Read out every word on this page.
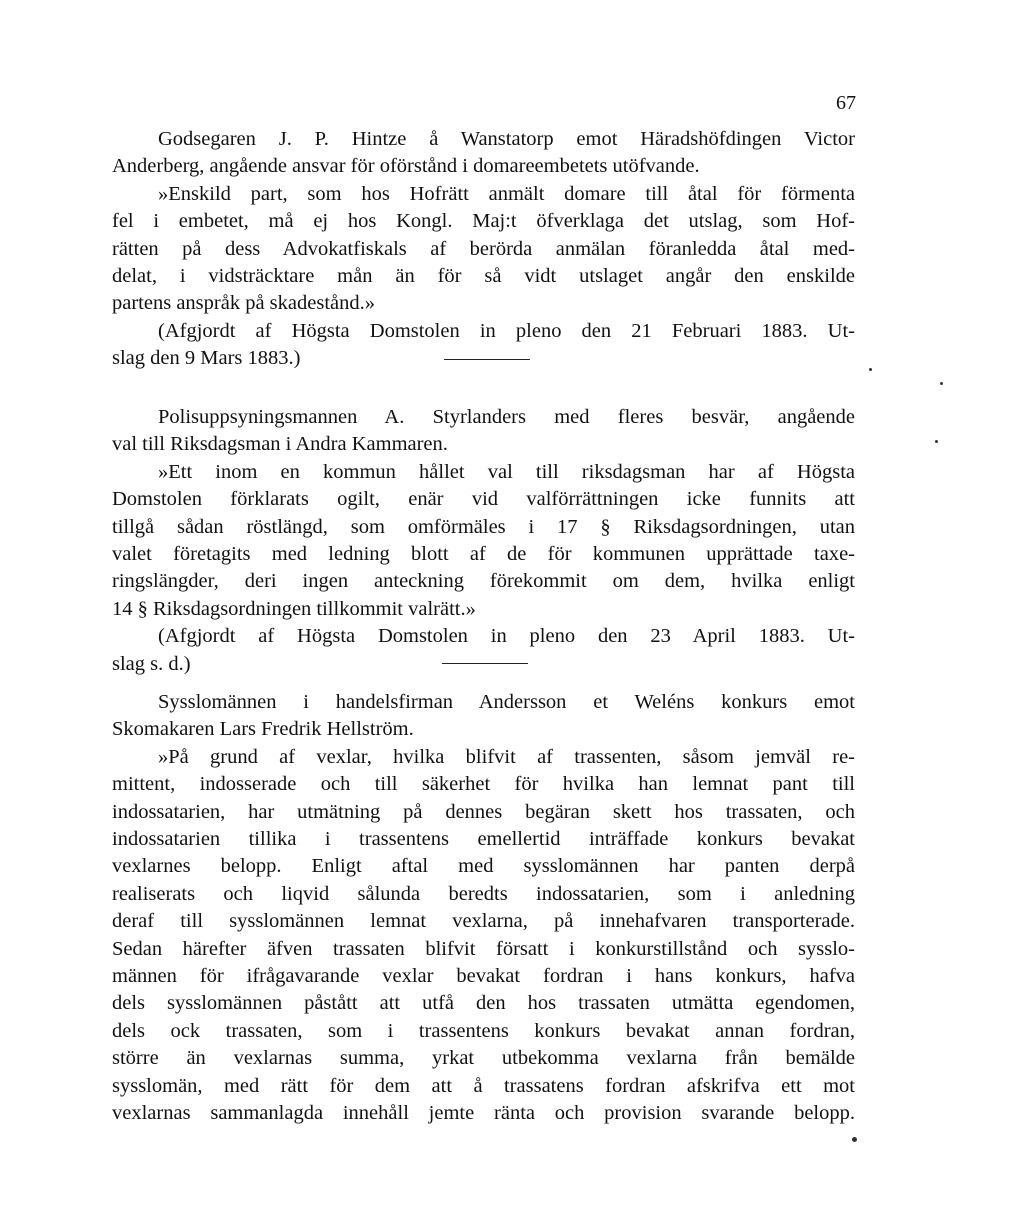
67
Godsegaren J. P. Hintze å Wanstatorp emot Häradshöfdingen Victor
Anderberg, angående ansvar för oförstånd i domareembetets utöfvande.
»Enskild part, som hos Hofrätt anmält domare till åtal för förmenta
fel i embetet, må ej hos Kongl. Maj:t öfverklaga det utslag, som Hof-
rätten på dess Advokatfiskals af berörda anmälan föranledda åtal med-
delat, i vidsträcktare mån än för så vidt utslaget angår den enskilde
partens anspråk på skadestånd.»
(Afgjordt af Högsta Domstolen in pleno den 21 Februari 1883. Ut-
slag den 9 Mars 1883.)
Polisuppsyningsmannen A. Styrlanders med fleres besvär, angående
val till Riksdagsman i Andra Kammaren.
»Ett inom en kommun hållet val till riksdagsman har af Högsta
Domstolen förklarats ogilt, enär vid valförrättningen icke funnits att
tillgå sådan röstlängd, som omförmäles i 17 § Riksdagsordningen, utan
valet företagits med ledning blott af de för kommunen upprättade taxe-
ringslängder, deri ingen anteckning förekommit om dem, hvilka enligt
14 § Riksdagsordningen tillkommit valrätt.»
(Afgjordt af Högsta Domstolen in pleno den 23 April 1883. Ut-
slag s. d.)
Sysslomännen i handelsfirman Andersson et Weléns konkurs emot
Skomakaren Lars Fredrik Hellström.
»På grund af vexlar, hvilka blifvit af trassenten, såsom jemväl re-
mittent, indosserade och till säkerhet för hvilka han lemnat pant till
indossatarien, har utmätning på dennes begäran skett hos trassaten, och
indossatarien tillika i trassentens emellertid inträffade konkurs bevakat
vexlarnes belopp. Enligt aftal med sysslomännen har panten derpå
realiserats och liqvid sålunda beredts indossatarien, som i anledning
deraf till sysslomännen lemnat vexlarna, på innehafvaren transporterade.
Sedan härefter äfven trassaten blifvit försatt i konkurstillstånd och sysslo-
männen för ifrågavarande vexlar bevakat fordran i hans konkurs, hafva
dels sysslomännen påstått att utfå den hos trassaten utmätta egendomen,
dels ock trassaten, som i trassentens konkurs bevakat annan fordran,
större än vexlarnas summa, yrkat utbekomma vexlarna från bemälde
sysslomän, med rätt för dem att å trassatens fordran afskrifva ett mot
vexlarnas sammanlagda innehåll jemte ränta och provision svarande belopp.
